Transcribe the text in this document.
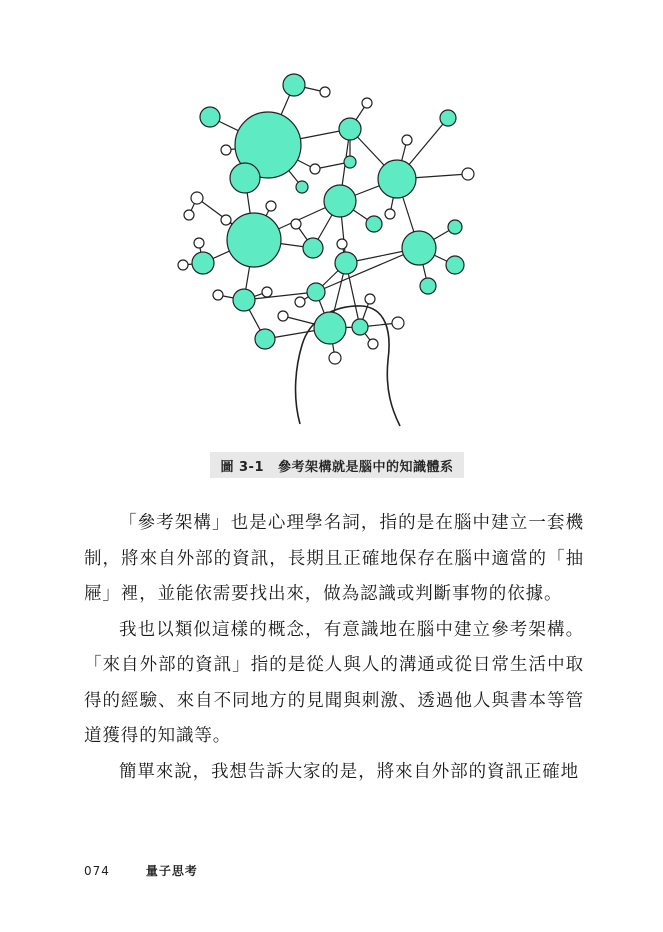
圖 3-1 參考架構就是腦中的知識體系

「參考架構」也是心理學名詞，指的是在腦中建立一套機制，將來自外部的資訊，長期且正確地保存在腦中適當的「抽屜」裡，並能依需要找出來，做為認識或判斷事物的依據。

我也以類似這樣的概念，有意識地在腦中建立參考架構。「來自外部的資訊」指的是從人與人的溝通或從日常生活中取得的經驗、來自不同地方的見聞與刺激、透過他人與書本等管道獲得的知識等。

簡單來說，我想告訴大家的是，將來自外部的資訊正確地

074	量子思考
